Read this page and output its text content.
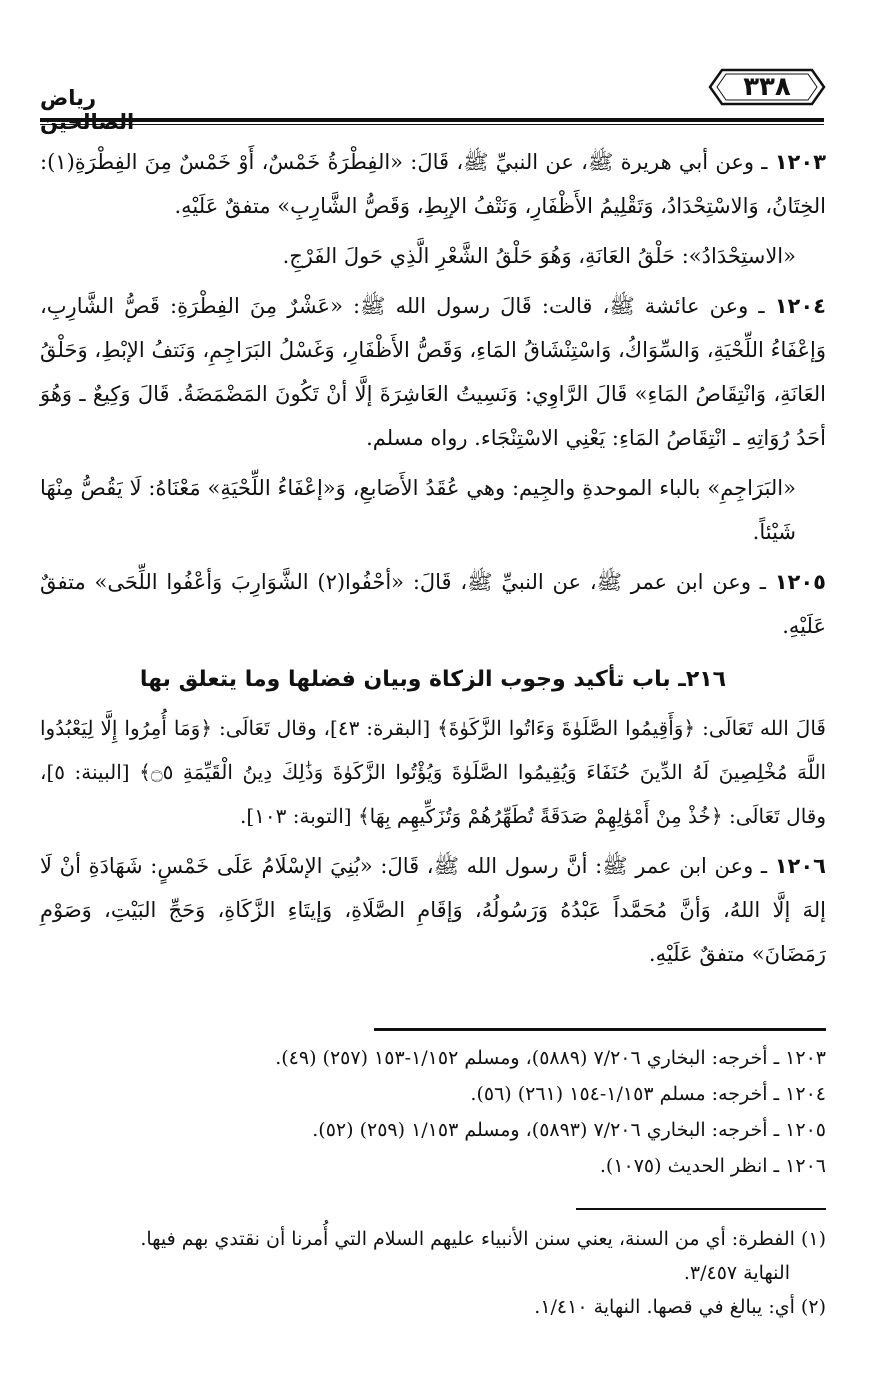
رياض الصالحين
٣٣٨

١٢٠٣ ـ وعن أبي هريرة ﷺ، عن النبيِّ ﷺ، قَالَ: «الفِطْرَةُ خَمْسٌ، أَوْ خَمْسٌ مِنَ الفِطْرَةِ(١): الخِتَانُ، وَالاسْتِحْدَادُ، وَتَقْلِيمُ الأَظْفَارِ، وَنَتْفُ الإبِطِ، وَقَصُّ الشَّارِبِ» متفقٌ عَلَيْهِ.

«الاستِحْدَادُ»: حَلْقُ العَانَةِ، وَهُوَ حَلْقُ الشَّعْرِ الَّذِي حَولَ الفَرْجِ.

١٢٠٤ ـ وعن عائشة ﷺ، قالت: قَالَ رسول الله ﷺ: «عَشْرٌ مِنَ الفِطْرَةِ: قَصُّ الشَّارِبِ، وَإعْفَاءُ اللِّحْيَةِ، وَالسِّوَاكُ، وَاسْتِنْشَاقُ المَاءِ، وَقَصُّ الأَظْفَارِ، وَغَسْلُ البَرَاجِمِ، وَنَتفُ الإبْطِ، وَحَلْقُ العَانَةِ، وَانْتِقَاصُ المَاءِ» قَالَ الرَّاوِي: وَنَسِيتُ العَاشِرَةَ إلَّا أنْ تَكُونَ المَضْمَضَةُ. قَالَ وَكِيعٌ ـ وَهُوَ أحَدُ رُوَاتِهِ ـ انْتِقَاصُ المَاءِ: يَعْنِي الاسْتِنْجَاء. رواه مسلم.

«البَرَاجِمِ» بالباء الموحدةِ والجِيم: وهي عُقَدُ الأَصَابعِ، وَ«إعْفَاءُ اللِّحْيَةِ» مَعْنَاهُ: لَا يَقُصُّ مِنْهَا شَيْئاً.

١٢٠٥ ـ وعن ابن عمر ﷺ، عن النبيِّ ﷺ، قَالَ: «أحْفُوا(٢) الشَّوَارِبَ وَأعْفُوا اللِّحَى» متفقٌ عَلَيْهِ.

٢١٦ـ باب تأكيد وجوب الزكاة وبيان فضلها وما يتعلق بها

قَالَ الله تَعَالَى: ﴿وَأَقِيمُوا الصَّلَوٰةَ وَءَاتُوا الزَّكَوٰةَ﴾ [البقرة: ٤٣]، وقال تَعَالَى: ﴿وَمَا أُمِرُوا إِلَّا لِيَعْبُدُوا اللَّهَ مُخْلِصِينَ لَهُ الدِّينَ حُنَفَاءَ وَيُقِيمُوا الصَّلَوٰةَ وَيُؤْتُوا الزَّكَوٰةَ وَذَٰلِكَ دِينُ الْقَيِّمَةِ ۝٥﴾ [البينة: ٥]، وقال تَعَالَى: ﴿خُذْ مِنْ أَمْوَٰلِهِمْ صَدَقَةً تُطَهِّرُهُمْ وَتُزَكِّيهِم بِهَا﴾ [التوبة: ١٠٣].

١٢٠٦ ـ وعن ابن عمر ﷺ: أنَّ رسول الله ﷺ، قَالَ: «بُنِيَ الإسْلَامُ عَلَى خَمْسٍ: شَهَادَةِ أنْ لَا إلهَ إلَّا اللهُ، وَأنَّ مُحَمَّداً عَبْدُهُ وَرَسُولُهُ، وَإقَامِ الصَّلَاةِ، وَإيتَاءِ الزَّكَاةِ، وَحَجِّ البَيْتِ، وَصَوْمِ رَمَضَانَ» متفقٌ عَلَيْهِ.

١٢٠٣ ـ أخرجه: البخاري ٧/٢٠٦ (٥٨٨٩)، ومسلم ١/١٥٢-١٥٣ (٢٥٧) (٤٩).
١٢٠٤ ـ أخرجه: مسلم ١/١٥٣-١٥٤ (٢٦١) (٥٦).
١٢٠٥ ـ أخرجه: البخاري ٧/٢٠٦ (٥٨٩٣)، ومسلم ١/١٥٣ (٢٥٩) (٥٢).
١٢٠٦ ـ انظر الحديث (١٠٧٥).
(١) الفطرة: أي من السنة، يعني سنن الأنبياء عليهم السلام التي أُمرنا أن نقتدي بهم فيها.
النهاية ٣/٤٥٧.
(٢) أي: يبالغ في قصها. النهاية ١/٤١٠.
